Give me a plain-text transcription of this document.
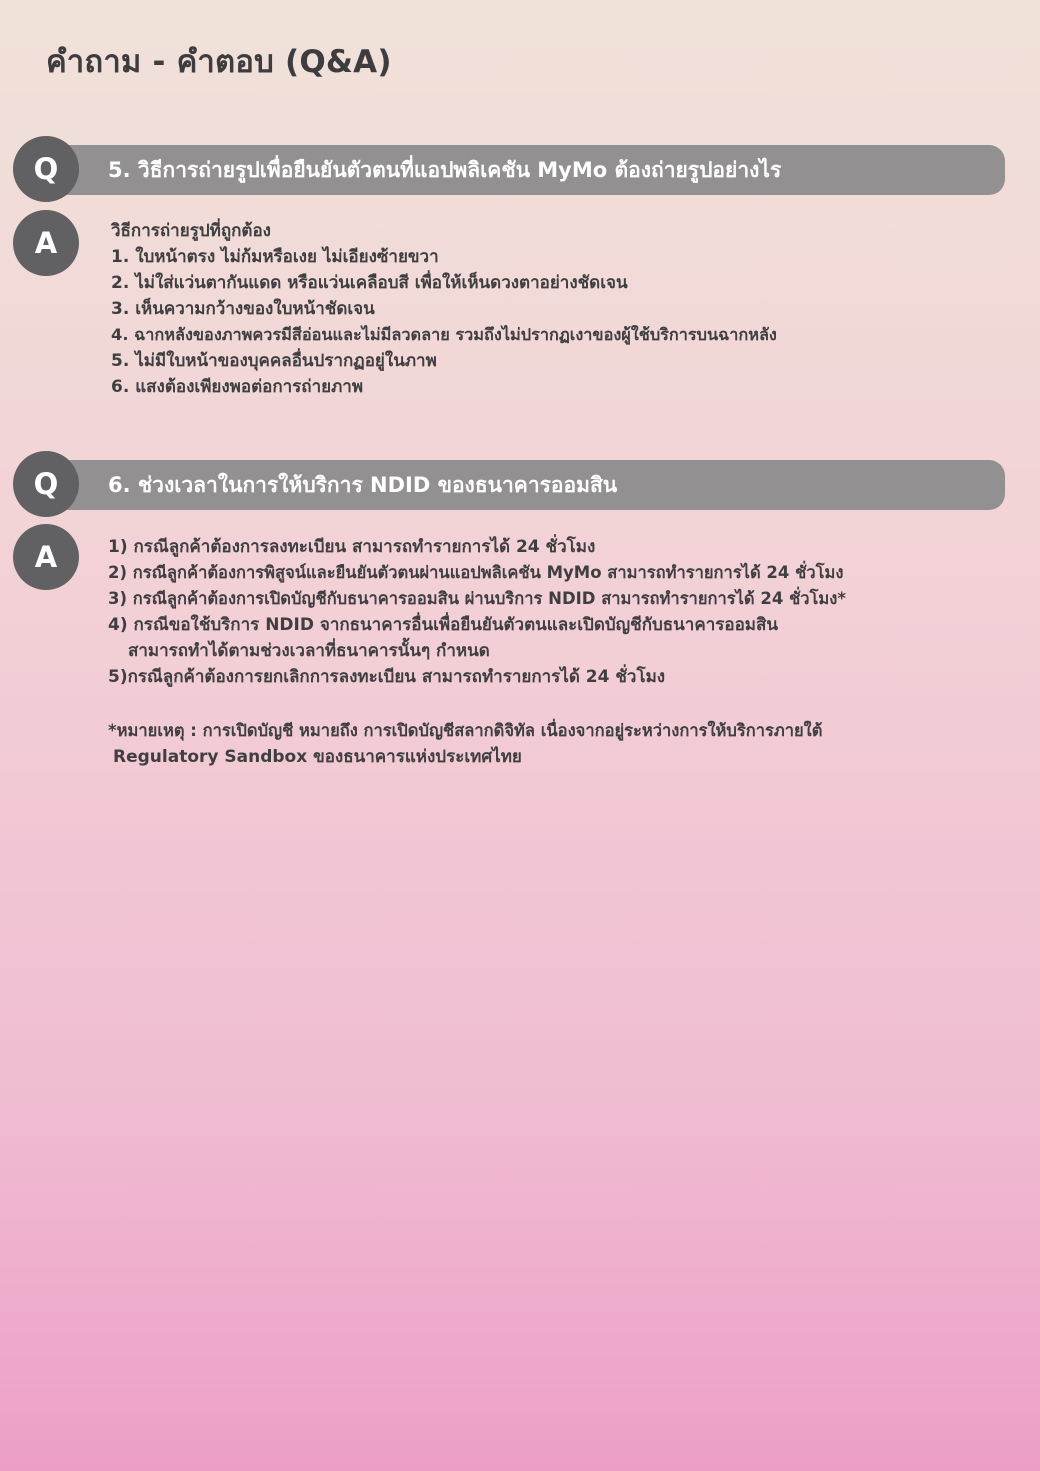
คำถาม - คำตอบ (Q&A)
Q	5. วิธีการถ่ายรูปเพื่อยืนยันตัวตนที่แอปพลิเคชัน MyMo ต้องถ่ายรูปอย่างไร
A	วิธีการถ่ายรูปที่ถูกต้อง
1. ใบหน้าตรง ไม่ก้มหรือเงย ไม่เอียงซ้ายขวา
2. ไม่ใส่แว่นตากันแดด หรือแว่นเคลือบสี เพื่อให้เห็นดวงตาอย่างชัดเจน
3. เห็นความกว้างของใบหน้าชัดเจน
4. ฉากหลังของภาพควรมีสีอ่อนและไม่มีลวดลาย รวมถึงไม่ปรากฏเงาของผู้ใช้บริการบนฉากหลัง
5. ไม่มีใบหน้าของบุคคลอื่นปรากฏอยู่ในภาพ
6. แสงต้องเพียงพอต่อการถ่ายภาพ
Q	6. ช่วงเวลาในการให้บริการ NDID ของธนาคารออมสิน
A	1) กรณีลูกค้าต้องการลงทะเบียน สามารถทำรายการได้ 24 ชั่วโมง
2) กรณีลูกค้าต้องการพิสูจน์และยืนยันตัวตนผ่านแอปพลิเคชัน MyMo สามารถทำรายการได้ 24 ชั่วโมง
3) กรณีลูกค้าต้องการเปิดบัญชีกับธนาคารออมสิน ผ่านบริการ NDID สามารถทำรายการได้ 24 ชั่วโมง*
4) กรณีขอใช้บริการ NDID จากธนาคารอื่นเพื่อยืนยันตัวตนและเปิดบัญชีกับธนาคารออมสิน
สามารถทำได้ตามช่วงเวลาที่ธนาคารนั้นๆ กำหนด
5)กรณีลูกค้าต้องการยกเลิกการลงทะเบียน สามารถทำรายการได้ 24 ชั่วโมง
*หมายเหตุ : การเปิดบัญชี หมายถึง การเปิดบัญชีสลากดิจิทัล เนื่องจากอยู่ระหว่างการให้บริการภายใต้
Regulatory Sandbox ของธนาคารแห่งประเทศไทย
